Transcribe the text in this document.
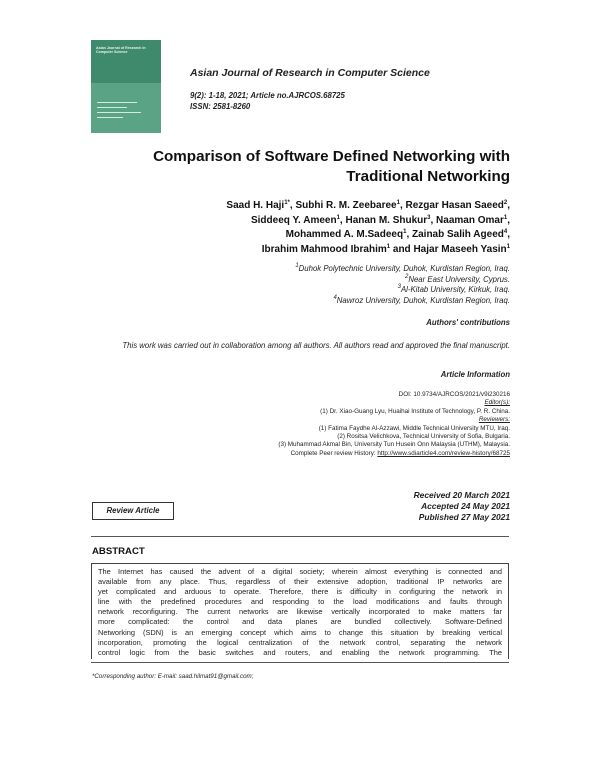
Asian Journal of Research in Computer Science
Asian Journal of Research in Computer Science
9(2): 1-18, 2021; Article no.AJRCOS.68725
ISSN: 2581-8260
Comparison of Software Defined Networking with
Traditional Networking
Saad H. Haji$^{1*}$, Subhi R. M. Zeebaree$^1$, Rezgar Hasan Saeed$^2$,
Siddeeq Y. Ameen$^1$, Hanan M. Shukur$^3$, Naaman Omar$^1$,
Mohammed A. M.Sadeeq$^1$, Zainab Salih Ageed$^4$,
Ibrahim Mahmood Ibrahim$^1$ and Hajar Maseeh Yasin$^1$
$^1$Duhok Polytechnic University, Duhok, Kurdistan Region, Iraq.
$^2$Near East University, Cyprus.
$^3$Al-Kitab University, Kirkuk, Iraq.
$^4$Nawroz University, Duhok, Kurdistan Region, Iraq.
Authors' contributions
This work was carried out in collaboration among all authors. All authors read and approved the final manuscript.
Article Information
DOI: 10.9734/AJRCOS/2021/v9i230216
Editor(s):
(1) Dr. Xiao-Guang Lyu, Huaihai Institute of Technology, P. R. China.
Reviewers:
(1) Fatima Faydhe Al-Azzawi, Middle Technical University MTU, Iraq.
(2) Rositsa Velichkova, Technical University of Sofia, Bulgaria.
(3) Muhammad Akmal Bin, University Tun Husein Onn Malaysia (UTHM), Malaysia.
Complete Peer review History: http://www.sdiarticle4.com/review-history/68725
Review Article
Received 20 March 2021
Accepted 24 May 2021
Published 27 May 2021
ABSTRACT
The Internet has caused the advent of a digital society; wherein almost everything is connected and
available from any place. Thus, regardless of their extensive adoption, traditional IP networks are
yet complicated and arduous to operate. Therefore, there is difficulty in configuring the network in
line with the predefined procedures and responding to the load modifications and faults through
network reconfiguring. The current networks are likewise vertically incorporated to make matters far
more complicated: the control and data planes are bundled collectively. Software-Defined
Networking (SDN) is an emerging concept which aims to change this situation by breaking vertical
incorporation, promoting the logical centralization of the network control, separating the network
control logic from the basic switches and routers, and enabling the network programming. The
*Corresponding author: E-mail: saad.hilmat91@gmail.com;
